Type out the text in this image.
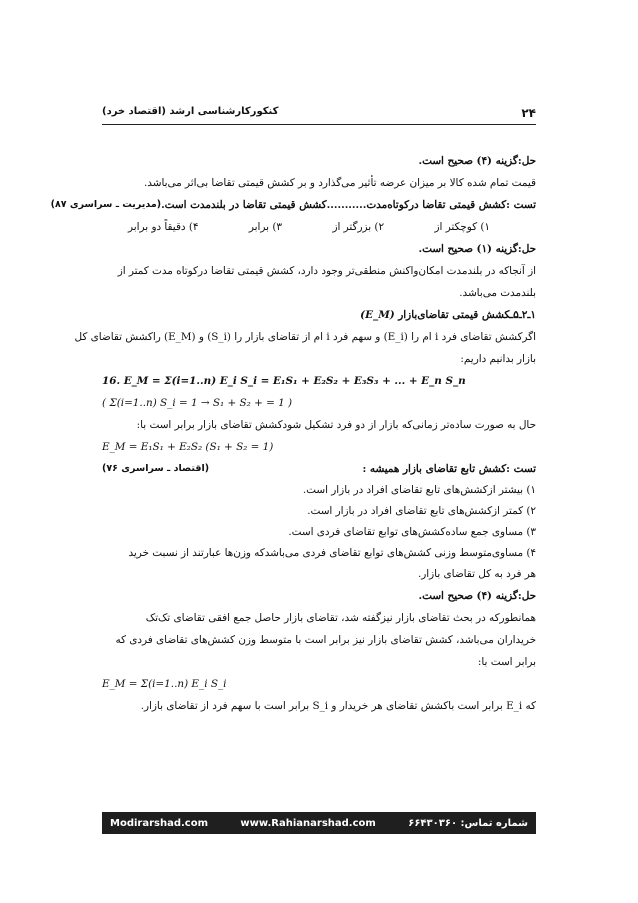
۲۴
کنکورکارشناسی ارشد (اقتصاد خرد)
حل:گزینه (۴) صحیح است.
قیمت تمام شده کالا بر میزان عرضه تأثیر می‌گذارد و بر کشش قیمتی تقاضا بی‌اثر می‌باشد.
تست :کشش قیمتی تقاضا درکوتاه‌مدت...........کشش قیمتی تقاضا در بلندمدت است.
(مدیریت ـ سراسری ۸۷)
۱) کوچکتر از
۲) بزرگتر از
۳) برابر
۴) دقیقاً دو برابر
حل:گزینه (۱) صحیح است.
از آنجاکه در بلندمدت امکان‌واکنش منطقی‌تر وجود دارد، کشش قیمتی تقاضا درکوتاه مدت کمتر از
بلندمدت می‌باشد.
۱ـ۲ـ۵ـکشش قیمتی تقاضای‌بازار (E_M)
اگرکشش تقاضای فرد i ام را (E_i) و سهم فرد i ام از تقاضای بازار را (S_i) و (E_M) راکشش تقاضای کل
بازار بدانیم داریم:
16. E_M = Σ(i=1..n) E_i S_i = E₁S₁ + E₂S₂ + E₃S₃ + ... + E_n S_n
( Σ(i=1..n) S_i = 1 → S₁ + S₂ + = 1 )
حال به صورت ساده‌تر زمانی‌که بازار از دو فرد تشکیل شودکشش تقاضای بازار برابر است با:
E_M = E₁S₁ + E₂S₂ (S₁ + S₂ = 1)
تست :کشش تابع تقاضای بازار همیشه :
(اقتصاد ـ سراسری ۷۶)
۱) بیشتر ازکشش‌های تابع تقاضای افراد در بازار است.
۲) کمتر ازکشش‌های تابع تقاضای افراد در بازار است.
۳) مساوی جمع ساده‌کشش‌های توابع تقاضای فردی است.
۴) مساوی‌متوسط وزنی کشش‌های توابع تقاضای فردی می‌باشدکه وزن‌ها عبارتند از نسبت خرید
هر فرد به کل تقاضای بازار.
حل:گزینه (۴) صحیح است.
همانطورکه در بحث تقاضای بازار نیزگفته شد، تقاضای بازار حاصل جمع افقی تقاضای تک‌تک
خریداران می‌باشد، کشش تقاضای بازار نیز برابر است با متوسط وزن کشش‌های تقاضای فردی که
برابر است با:
E_M = Σ(i=1..n) E_i S_i
که E_i برابر است باکشش تقاضای هر خریدار و S_i برابر است با سهم فرد از تقاضای بازار.
Modirarshad.com	www.Rahianarshad.com	شماره تماس: ۶۶۴۳۰۳۶۰
